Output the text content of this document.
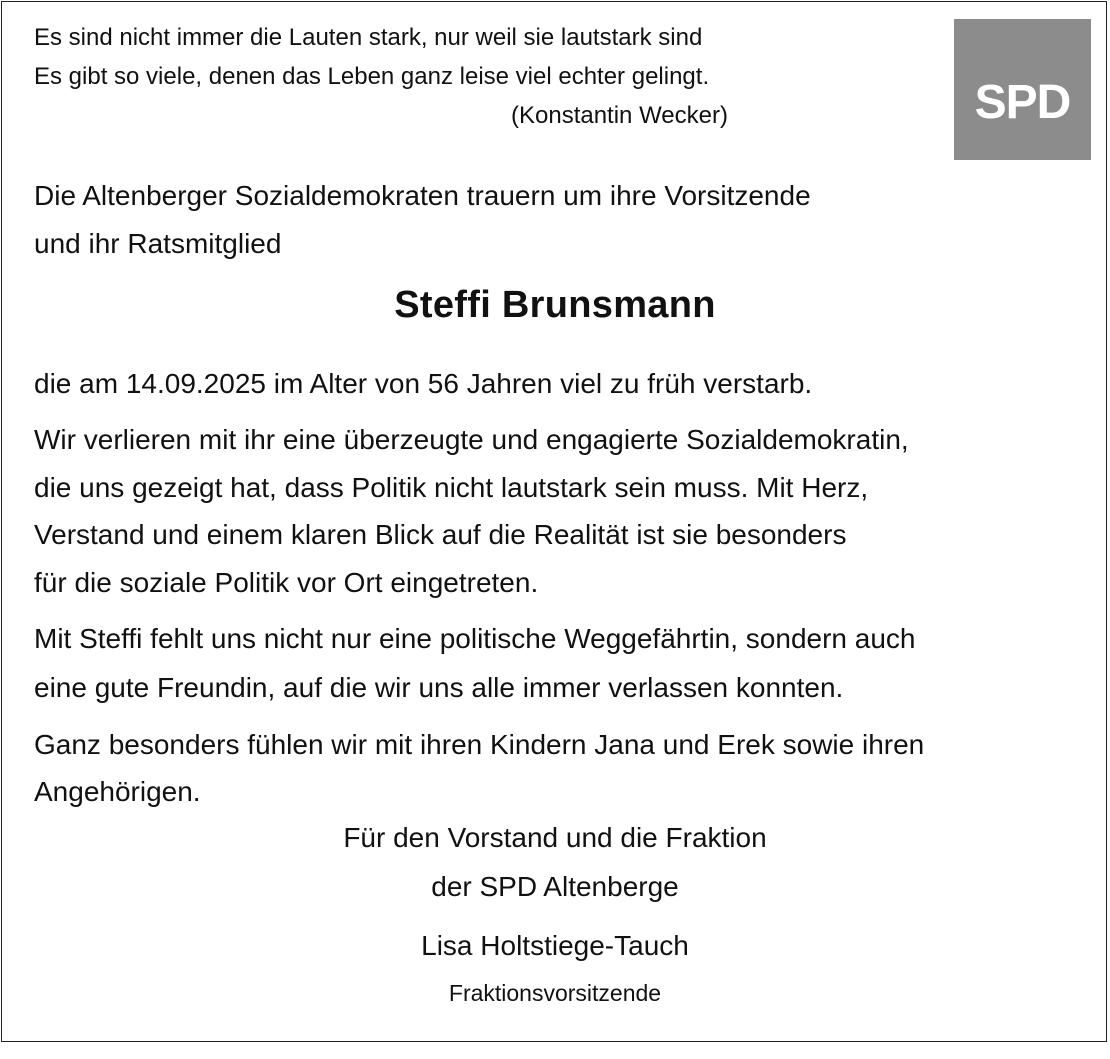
Es sind nicht immer die Lauten stark, nur weil sie lautstark sind
Es gibt so viele, denen das Leben ganz leise viel echter gelingt.
(Konstantin Wecker)
Die Altenberger Sozialdemokraten trauern um ihre Vorsitzende
und ihr Ratsmitglied
Steffi Brunsmann
die am 14.09.2025 im Alter von 56 Jahren viel zu früh verstarb.
Wir verlieren mit ihr eine überzeugte und engagierte Sozialdemokratin,
die uns gezeigt hat, dass Politik nicht lautstark sein muss. Mit Herz,
Verstand und einem klaren Blick auf die Realität ist sie besonders
für die soziale Politik vor Ort eingetreten.
Mit Steffi fehlt uns nicht nur eine politische Weggefährtin, sondern auch
eine gute Freundin, auf die wir uns alle immer verlassen konnten.
Ganz besonders fühlen wir mit ihren Kindern Jana und Erek sowie ihren
Angehörigen.
Für den Vorstand und die Fraktion
der SPD Altenberge
Lisa Holtstiege-Tauch
Fraktionsvorsitzende
SPD
